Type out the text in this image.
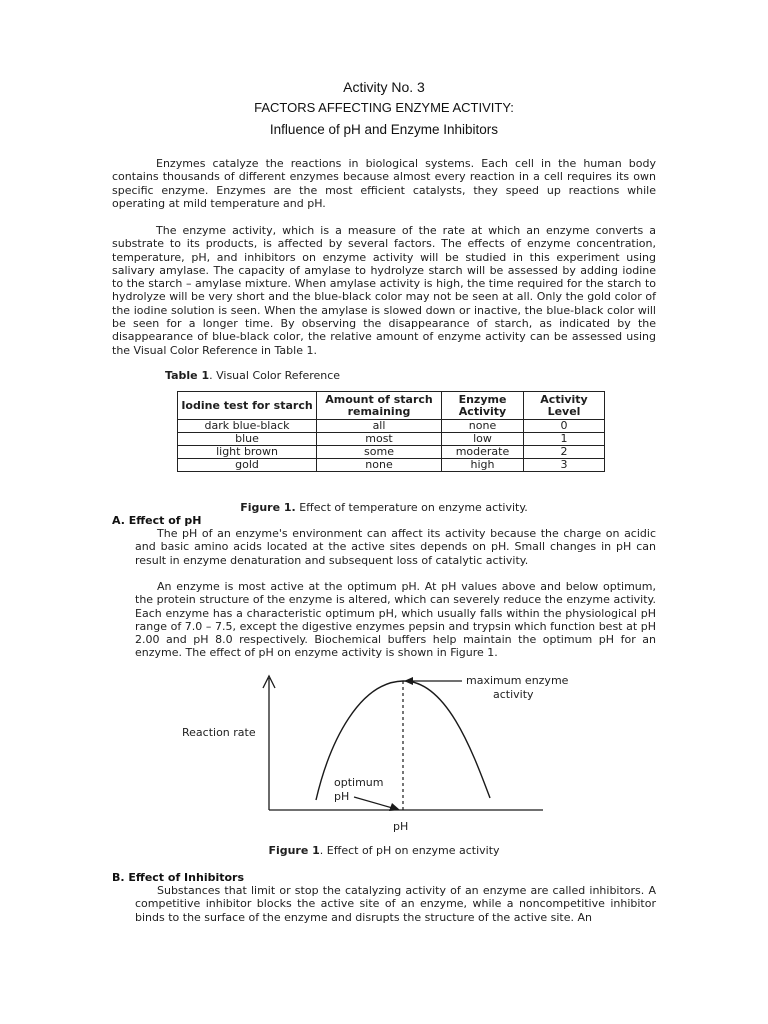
Activity No. 3
FACTORS AFFECTING ENZYME ACTIVITY:
Influence of pH and Enzyme Inhibitors
Enzymes catalyze the reactions in biological systems. Each cell in the human body contains thousands of different enzymes because almost every reaction in a cell requires its own specific enzyme. Enzymes are the most efficient catalysts, they speed up reactions while operating at mild temperature and pH.
The enzyme activity, which is a measure of the rate at which an enzyme converts a substrate to its products, is affected by several factors. The effects of enzyme concentration, temperature, pH, and inhibitors on enzyme activity will be studied in this experiment using salivary amylase. The capacity of amylase to hydrolyze starch will be assessed by adding iodine to the starch – amylase mixture. When amylase activity is high, the time required for the starch to hydrolyze will be very short and the blue-black color may not be seen at all. Only the gold color of the iodine solution is seen. When the amylase is slowed down or inactive, the blue-black color will be seen for a longer time. By observing the disappearance of starch, as indicated by the disappearance of blue-black color, the relative amount of enzyme activity can be assessed using the Visual Color Reference in Table 1.
Table 1. Visual Color Reference
Iodine test for starch	Amount of starch remaining	Enzyme Activity	Activity Level
dark blue-black	all	none	0
blue	most	low	1
light brown	some	moderate	2
gold	none	high	3
Figure 1. Effect of temperature on enzyme activity.
A. Effect of pH
The pH of an enzyme's environment can affect its activity because the charge on acidic and basic amino acids located at the active sites depends on pH. Small changes in pH can result in enzyme denaturation and subsequent loss of catalytic activity.
An enzyme is most active at the optimum pH. At pH values above and below optimum, the protein structure of the enzyme is altered, which can severely reduce the enzyme activity. Each enzyme has a characteristic optimum pH, which usually falls within the physiological pH range of 7.0 – 7.5, except the digestive enzymes pepsin and trypsin which function best at pH 2.00 and pH 8.0 respectively. Biochemical buffers help maintain the optimum pH for an enzyme. The effect of pH on enzyme activity is shown in Figure 1.
maximum enzyme
activity
Reaction rate
optimum
pH
pH
Figure 1. Effect of pH on enzyme activity
B. Effect of Inhibitors
Substances that limit or stop the catalyzing activity of an enzyme are called inhibitors. A competitive inhibitor blocks the active site of an enzyme, while a noncompetitive inhibitor binds to the surface of the enzyme and disrupts the structure of the active site. An
